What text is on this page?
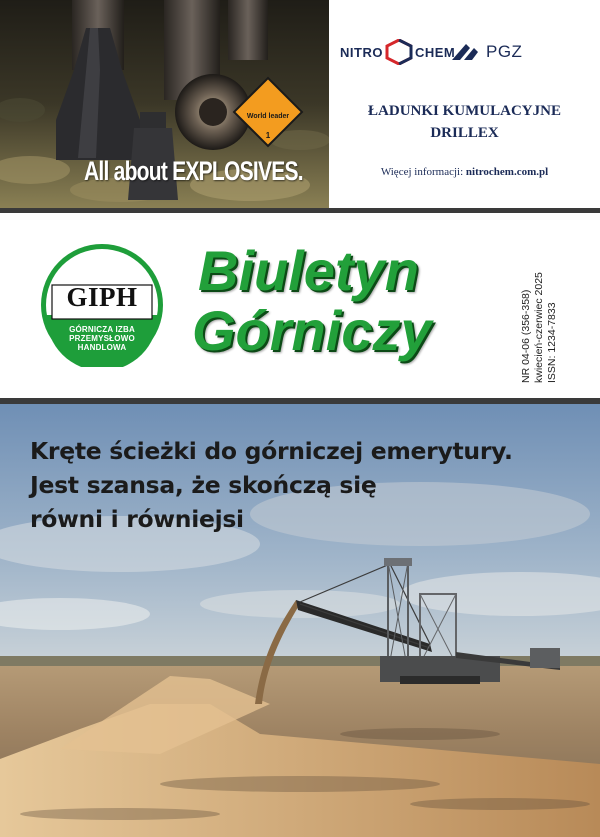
World leader
1
All about EXPLOSIVES.
NITRO CHEM PGZ
ŁADUNKI KUMULACYJNE
DRILLEX
Więcej informacji: nitrochem.com.pl
GIPH
GÓRNICZA IZBA
PRZEMYSŁOWO
HANDLOWA
Biuletyn
Górniczy	NR 04-06 (356-358) kwiecień-czerwiec 2025 ISSN: 1234-7833
Kręte ścieżki do górniczej emerytury.
Jest szansa, że skończą się
równi i równiejsi
